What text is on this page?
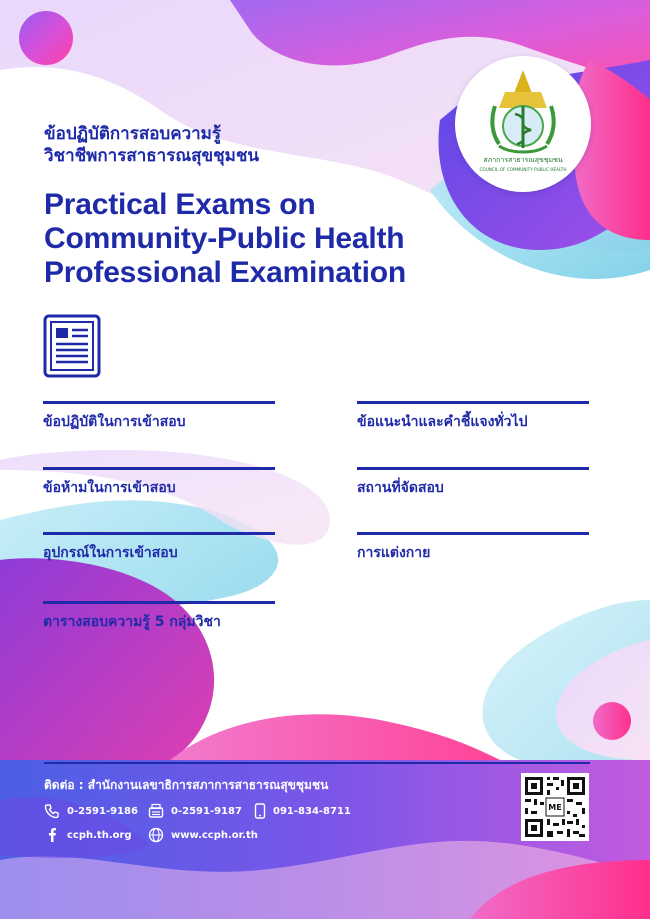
สภาการสาธารณสุขชุมชน
COUNCIL OF COMMUNITY PUBLIC HEALTH
ข้อปฏิบัติการสอบความรู้
วิชาชีพการสาธารณสุขชุมชน
Practical Exams on
Community-Public Health
Professional Examination
ข้อปฏิบัติในการเข้าสอบ
ข้อห้ามในการเข้าสอบ
อุปกรณ์ในการเข้าสอบ
ตารางสอบความรู้ 5 กลุ่มวิชา
ข้อแนะนำและคำชี้แจงทั่วไป
สถานที่จัดสอบ
การแต่งกาย
ติดต่อ : สำนักงานเลขาธิการสภาการสาธารณสุขชุมชน
0-2591-9186	0-2591-9187	091-834-8711
ccph.th.org	www.ccph.or.th
ME
